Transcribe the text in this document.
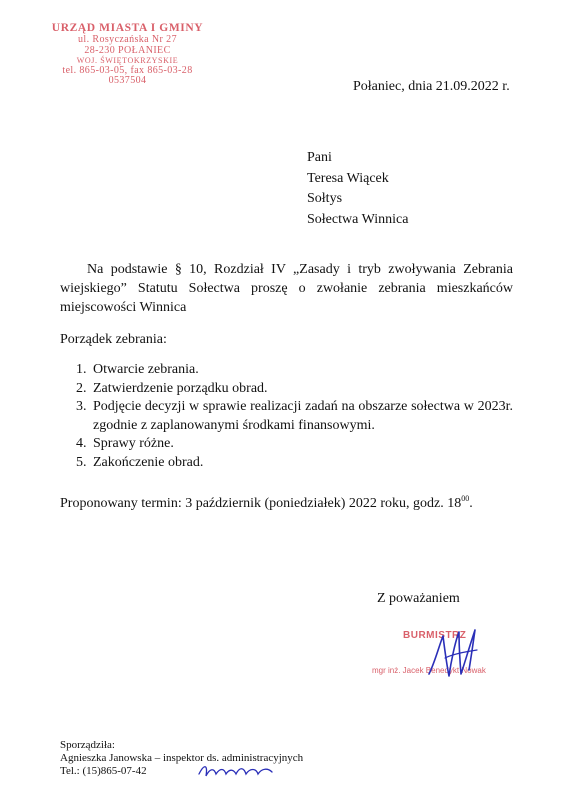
URZĄD MIASTA I GMINY
ul. Rosyczańska Nr 27
28-230 POŁANIEC
WOJ. ŚWIĘTOKRZYSKIE
tel. 865-03-05, fax 865-03-28
0537504	Połaniec, dnia 21.09.2022 r.
Pani
Teresa Wiącek
Sołtys
Sołectwa Winnica
Na podstawie § 10, Rozdział IV „Zasady i tryb zwoływania Zebrania wiejskiego” Statutu Sołectwa proszę o zwołanie zebrania mieszkańców miejscowości Winnica
Porządek zebrania:
1. Otwarcie zebrania.
2. Zatwierdzenie porządku obrad.
3. Podjęcie decyzji w sprawie realizacji zadań na obszarze sołectwa w 2023r. zgodnie z zaplanowanymi środkami finansowymi.
4. Sprawy różne.
5. Zakończenie obrad.
Proponowany termin: 3 październik (poniedziałek) 2022 roku, godz. $18^{00}$.
Z poważaniem
BURMISTRZ
mgr inż. Jacek Benedykt Nowak
Sporządziła:
Agnieszka Janowska – inspektor ds. administracyjnych
Tel.: (15)865-07-42
